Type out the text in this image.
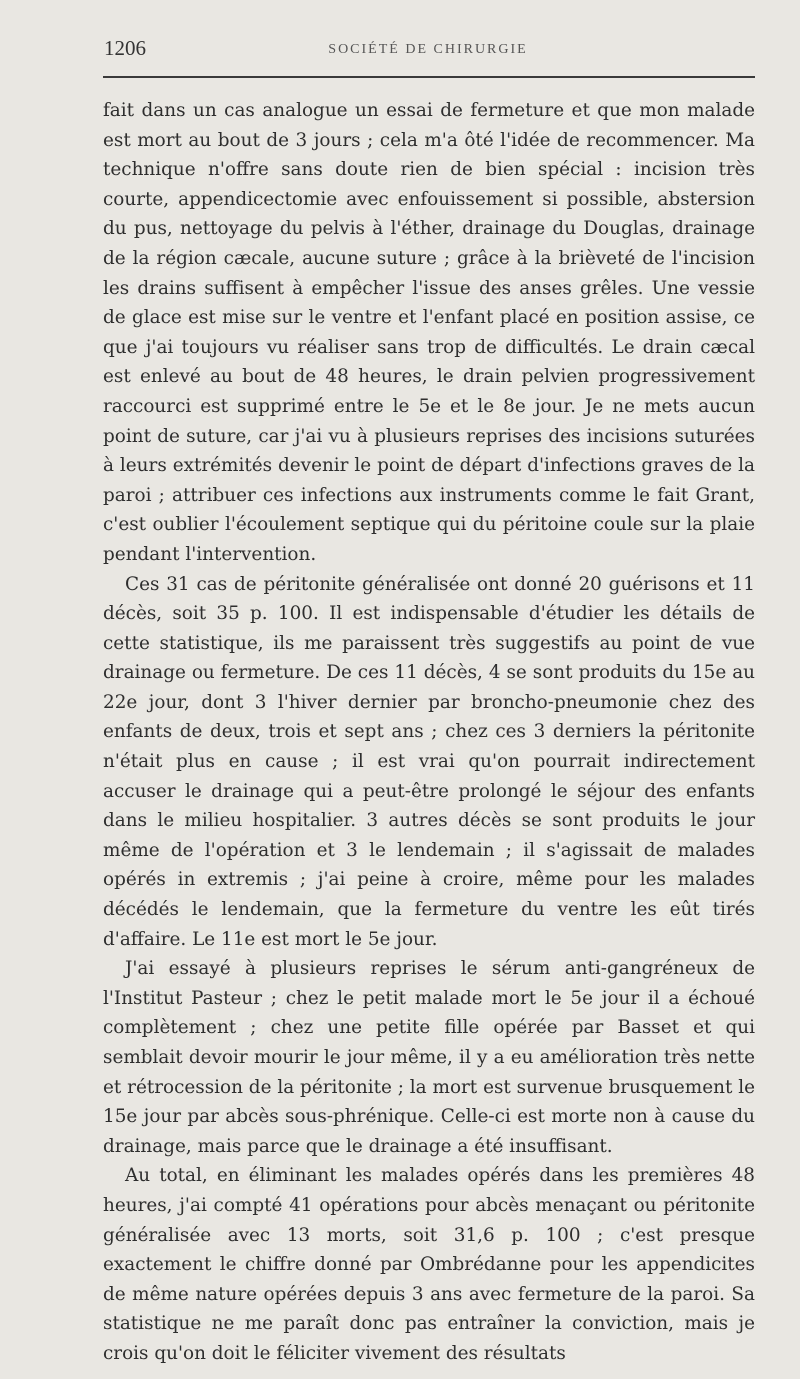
1206	SOCIÉTÉ DE CHIRURGIE

fait dans un cas analogue un essai de fermeture et que mon malade est mort au bout de 3 jours ; cela m'a ôté l'idée de recommencer. Ma technique n'offre sans doute rien de bien spécial : incision très courte, appendicectomie avec enfouissement si possible, abstersion du pus, nettoyage du pelvis à l'éther, drainage du Douglas, drainage de la région cæcale, aucune suture ; grâce à la brièveté de l'incision les drains suffisent à empêcher l'issue des anses grêles. Une vessie de glace est mise sur le ventre et l'enfant placé en position assise, ce que j'ai toujours vu réaliser sans trop de difficultés. Le drain cæcal est enlevé au bout de 48 heures, le drain pelvien progressivement raccourci est supprimé entre le 5e et le 8e jour. Je ne mets aucun point de suture, car j'ai vu à plusieurs reprises des incisions suturées à leurs extrémités devenir le point de départ d'infections graves de la paroi ; attribuer ces infections aux instruments comme le fait Grant, c'est oublier l'écoulement septique qui du péritoine coule sur la plaie pendant l'intervention.

Ces 31 cas de péritonite généralisée ont donné 20 guérisons et 11 décès, soit 35 p. 100. Il est indispensable d'étudier les détails de cette statistique, ils me paraissent très suggestifs au point de vue drainage ou fermeture. De ces 11 décès, 4 se sont produits du 15e au 22e jour, dont 3 l'hiver dernier par broncho-pneumonie chez des enfants de deux, trois et sept ans ; chez ces 3 derniers la péritonite n'était plus en cause ; il est vrai qu'on pourrait indirectement accuser le drainage qui a peut-être prolongé le séjour des enfants dans le milieu hospitalier. 3 autres décès se sont produits le jour même de l'opération et 3 le lendemain ; il s'agissait de malades opérés in extremis ; j'ai peine à croire, même pour les malades décédés le lendemain, que la fermeture du ventre les eût tirés d'affaire. Le 11e est mort le 5e jour.

J'ai essayé à plusieurs reprises le sérum anti-gangréneux de l'Institut Pasteur ; chez le petit malade mort le 5e jour il a échoué complètement ; chez une petite fille opérée par Basset et qui semblait devoir mourir le jour même, il y a eu amélioration très nette et rétrocession de la péritonite ; la mort est survenue brusquement le 15e jour par abcès sous-phrénique. Celle-ci est morte non à cause du drainage, mais parce que le drainage a été insuffisant.

Au total, en éliminant les malades opérés dans les premières 48 heures, j'ai compté 41 opérations pour abcès menaçant ou péritonite généralisée avec 13 morts, soit 31,6 p. 100 ; c'est presque exactement le chiffre donné par Ombrédanne pour les appendicites de même nature opérées depuis 3 ans avec fermeture de la paroi. Sa statistique ne me paraît donc pas entraîner la conviction, mais je crois qu'on doit le féliciter vivement des résultats
